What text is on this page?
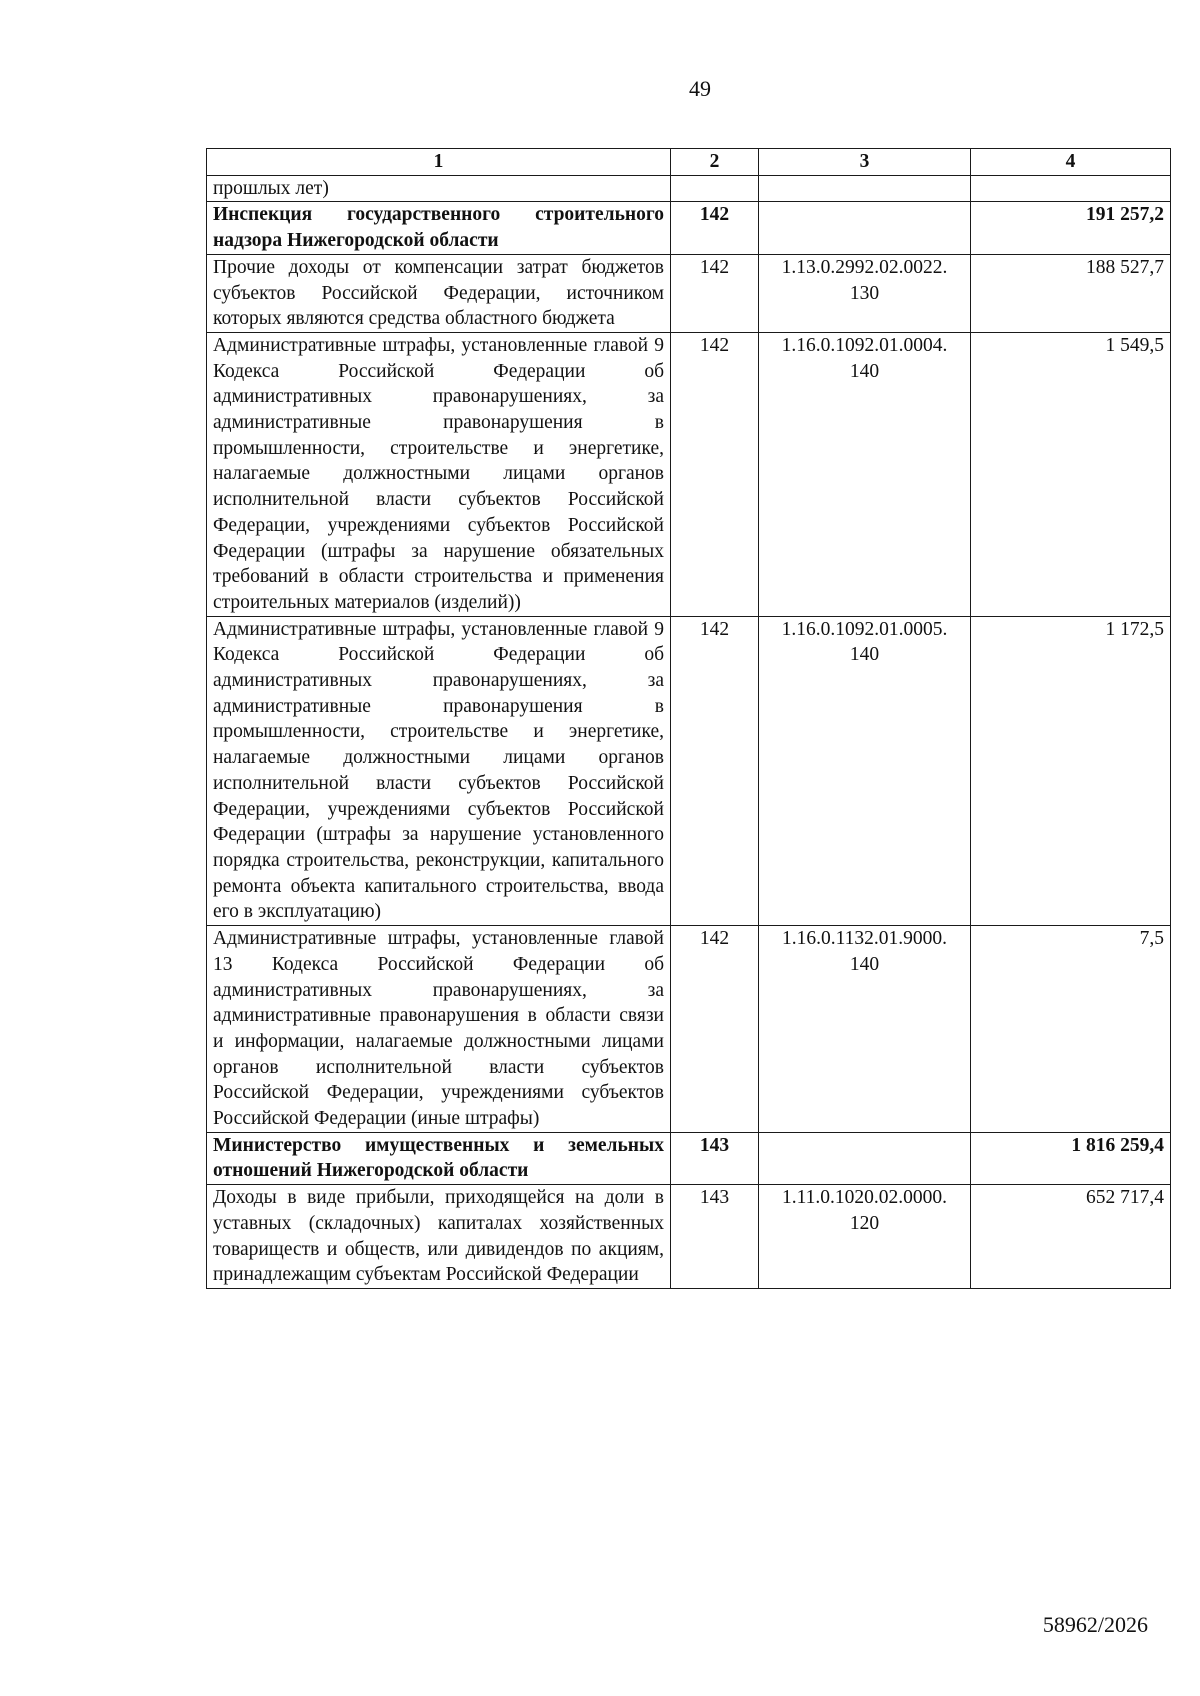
49
1	2	3	4
прошлых лет)			
Инспекция государственного строительного надзора Нижегородской области	142		191 257,2
Прочие доходы от компенсации затрат бюджетов субъектов Российской Федерации, источником которых являются средства областного бюджета	142	1.13.0.2992.02.0022. 130	188 527,7
Административные штрафы, установленные главой 9 Кодекса Российской Федерации об административных правонарушениях, за административные правонарушения в промышленности, строительстве и энергетике, налагаемые должностными лицами органов исполнительной власти субъектов Российской Федерации, учреждениями субъектов Российской Федерации (штрафы за нарушение обязательных требований в области строительства и применения строительных материалов (изделий))	142	1.16.0.1092.01.0004. 140	1 549,5
Административные штрафы, установленные главой 9 Кодекса Российской Федерации об административных правонарушениях, за административные правонарушения в промышленности, строительстве и энергетике, налагаемые должностными лицами органов исполнительной власти субъектов Российской Федерации, учреждениями субъектов Российской Федерации (штрафы за нарушение установленного порядка строительства, реконструкции, капитального ремонта объекта капитального строительства, ввода его в эксплуатацию)	142	1.16.0.1092.01.0005. 140	1 172,5
Административные штрафы, установленные главой 13 Кодекса Российской Федерации об административных правонарушениях, за административные правонарушения в области связи и информации, налагаемые должностными лицами органов исполнительной власти субъектов Российской Федерации, учреждениями субъектов Российской Федерации (иные штрафы)	142	1.16.0.1132.01.9000. 140	7,5
Министерство имущественных и земельных отношений Нижегородской области	143		1 816 259,4
Доходы в виде прибыли, приходящейся на доли в уставных (складочных) капиталах хозяйственных товариществ и обществ, или дивидендов по акциям, принадлежащим субъектам Российской Федерации	143	1.11.0.1020.02.0000. 120	652 717,4
58962/2026
